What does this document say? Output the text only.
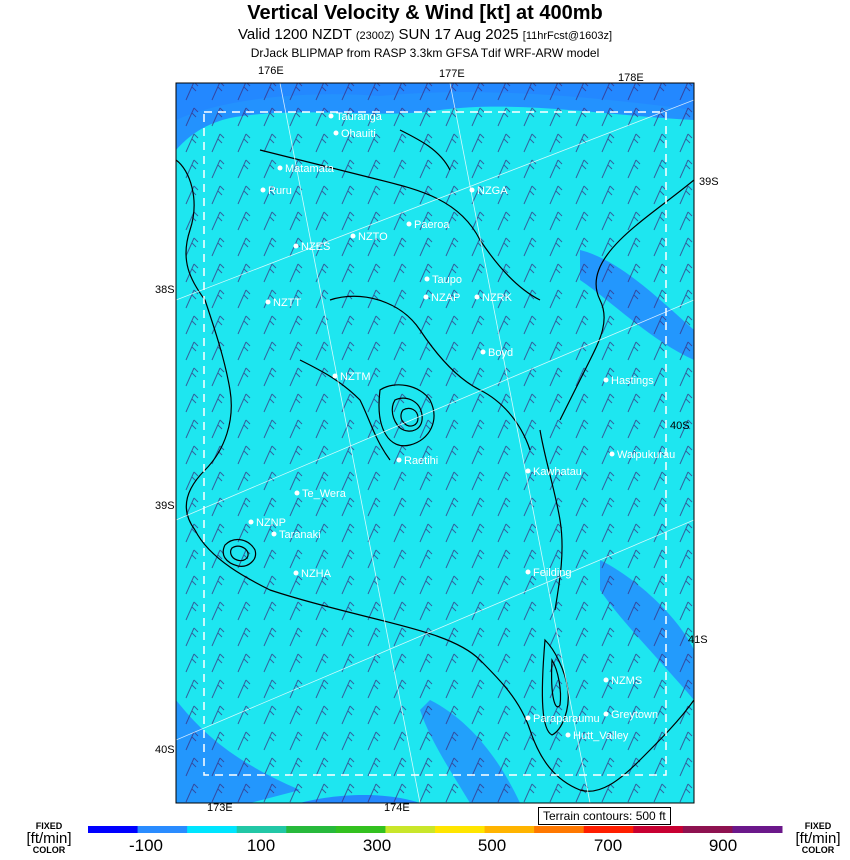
Vertical Velocity & Wind [kt] at 400mb
Valid 1200 NZDT (2300Z) SUN 17 Aug 2025 [11hrFcst@1603z]
DrJack BLIPMAP from RASP 3.3km GFSA Tdif WRF-ARW model
Tauranga
Ohauiti
Matamata
Ruru	NZGA
Paeroa
NZTO
NZES
Taupo
NZAP NZRK
NZTT
Boyd
NZTM	Hastings
Raetihi	Waipukurau
Kawhatau
Te_Wera
NZNP
Taranaki
NZHA	Feilding
NZMS
Greytown
Paraparaumu
Hutt_Valley
176E	177E	178E
173E	174E
38S
39S
40S
39S
40S
41S
Terrain contours: 500 ft
FIXED
[ft/min]
COLOR
FIXED
[ft/min]
COLOR
-100	100	300	500	700	900
